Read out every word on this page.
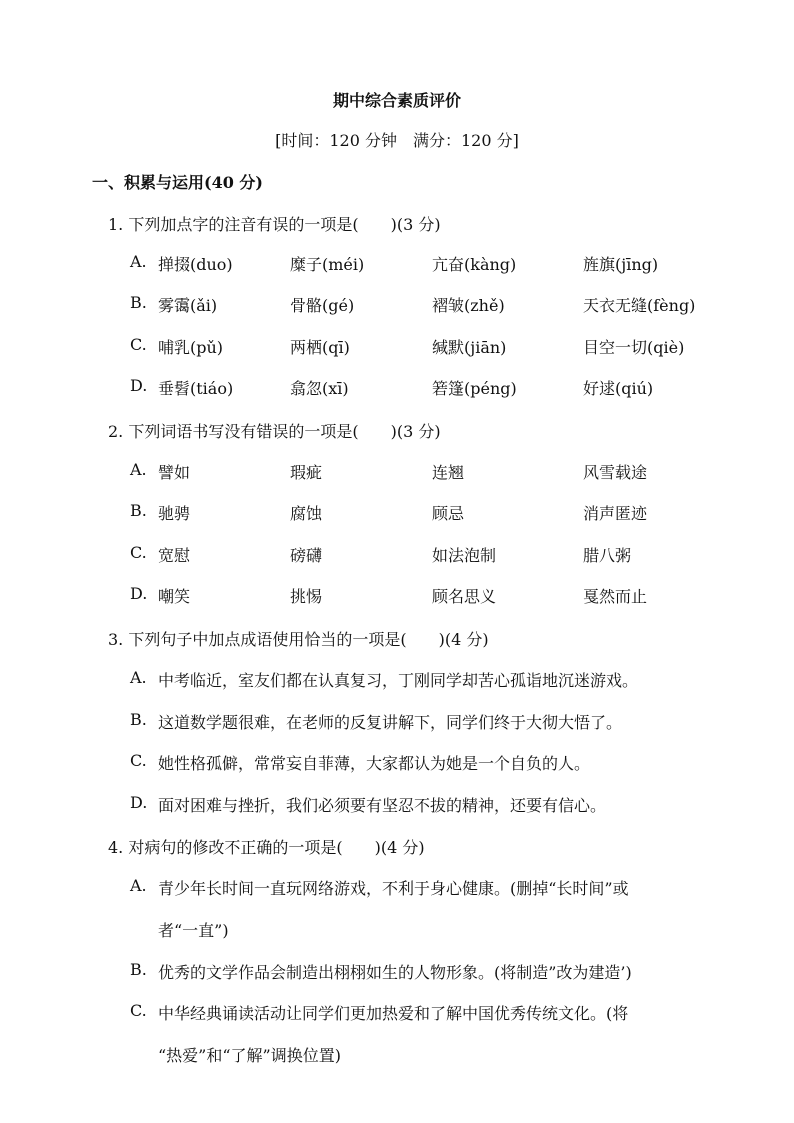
期中综合素质评价
[时间：120 分钟　满分：120 分]
一、积累与运用(40 分)
1. 下列加点字的注音有误的一项是(　　)(3 分)
A. 掸掇(duo)	糜子(méi)	亢奋(kàng)	旌旗(jīng)
B. 雾霭(ǎi)	骨骼(gé)	褶皱(zhě)	天衣无缝(fèng)
C. 哺乳(pǔ)	两栖(qī)	缄默(jiān)	目空一切(qiè)
D. 垂髫(tiáo)	翕忽(xī)	箬篷(péng)	好逑(qiú)
2. 下列词语书写没有错误的一项是(　　)(3 分)
A. 譬如	瑕疵	连翘	风雪载途
B. 驰骋	腐蚀	顾忌	消声匿迹
C. 宽慰	磅礴	如法泡制	腊八粥
D. 嘲笑	挑惕	顾名思义	戛然而止
3. 下列句子中加点成语使用恰当的一项是(　　)(4 分)
A. 中考临近，室友们都在认真复习，丁刚同学却苦心孤诣地沉迷游戏。
B. 这道数学题很难，在老师的反复讲解下，同学们终于大彻大悟了。
C. 她性格孤僻，常常妄自菲薄，大家都认为她是一个自负的人。
D. 面对困难与挫折，我们必须要有坚忍不拔的精神，还要有信心。
4. 对病句的修改不正确的一项是(　　)(4 分)
A. 青少年长时间一直玩网络游戏，不利于身心健康。(删掉“长时间”或
者“一直”)
B. 优秀的文学作品会制造出栩栩如生的人物形象。(将制造”改为建造’)
C. 中华经典诵读活动让同学们更加热爱和了解中国优秀传统文化。(将
“热爱”和“了解”调换位置)
